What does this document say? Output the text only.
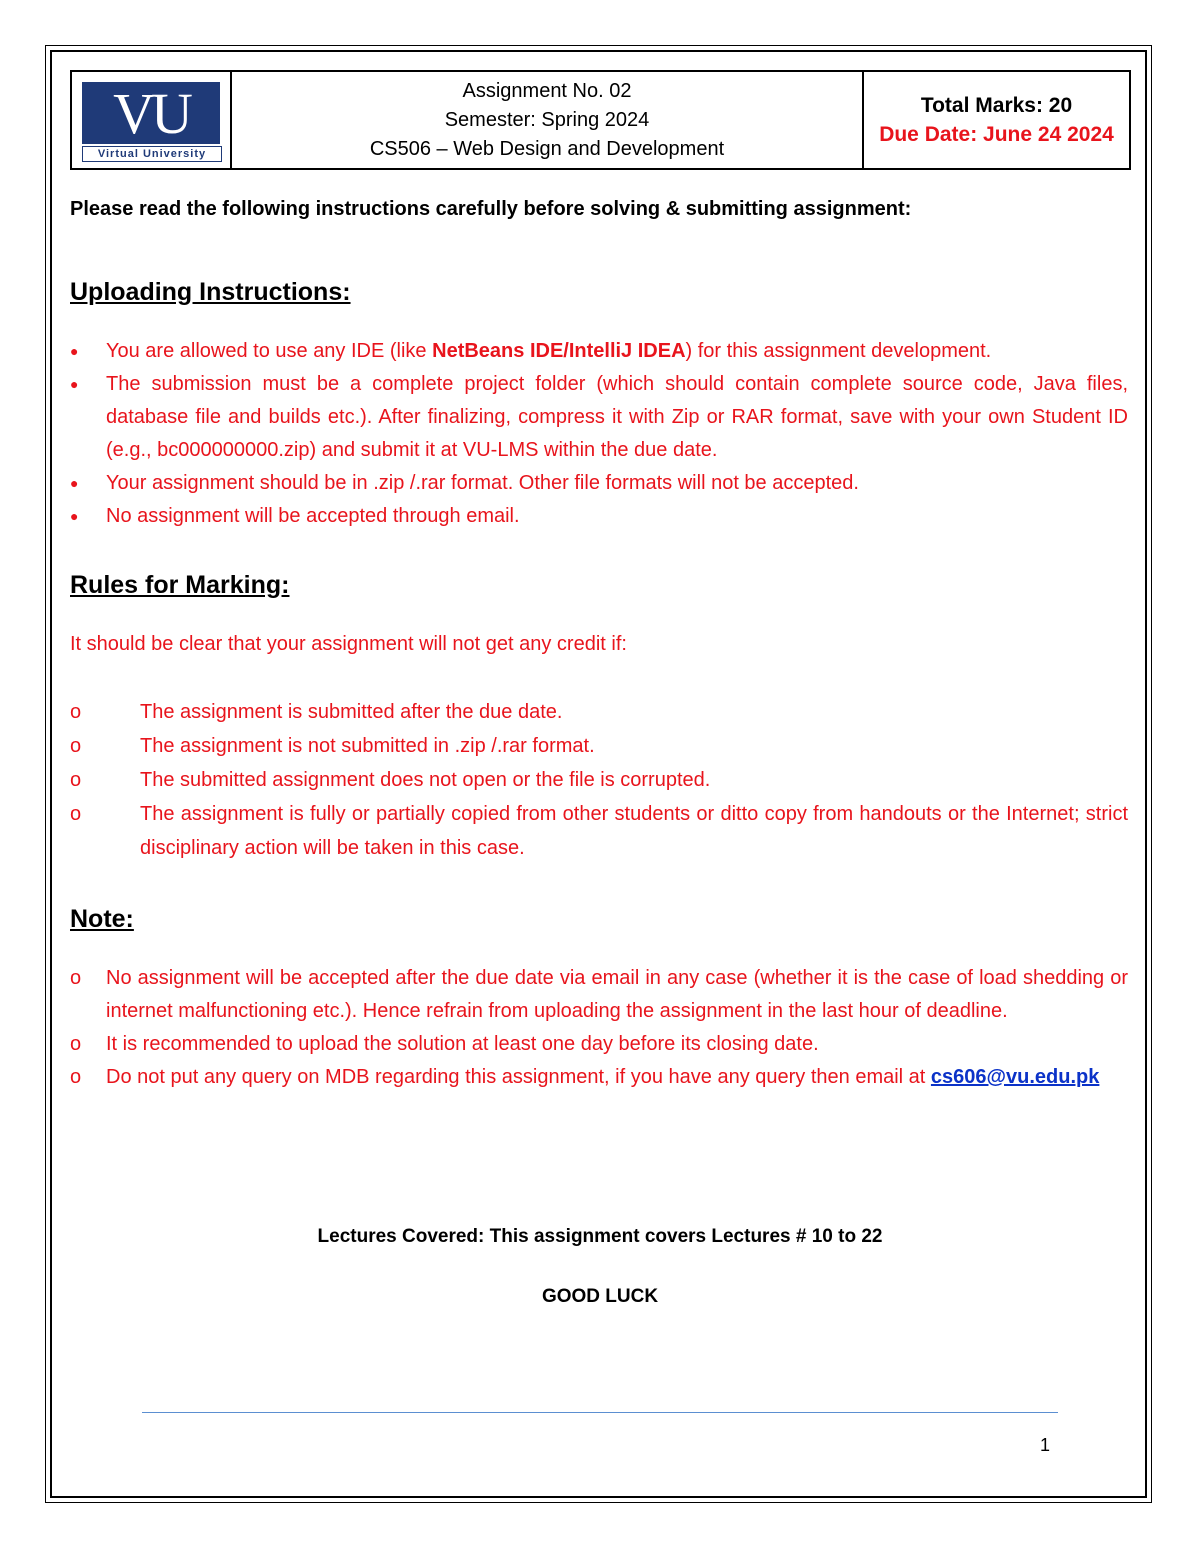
VU
Virtual University
Assignment No. 02
Semester: Spring 2024
CS506 – Web Design and Development
Total Marks: 20
Due Date: June 24 2024
Please read the following instructions carefully before solving & submitting assignment:
Uploading Instructions:
● You are allowed to use any IDE (like NetBeans IDE/IntelliJ IDEA) for this assignment development.
● The submission must be a complete project folder (which should contain complete source code, Java files, database file and builds etc.). After finalizing, compress it with Zip or RAR format, save with your own Student ID (e.g., bc000000000.zip) and submit it at VU-LMS within the due date.
● Your assignment should be in .zip /.rar format. Other file formats will not be accepted.
● No assignment will be accepted through email.
Rules for Marking:
It should be clear that your assignment will not get any credit if:
o	The assignment is submitted after the due date.
o	The assignment is not submitted in .zip /.rar format.
o	The submitted assignment does not open or the file is corrupted.
o	The assignment is fully or partially copied from other students or ditto copy from handouts or the Internet; strict disciplinary action will be taken in this case.
Note:
o No assignment will be accepted after the due date via email in any case (whether it is the case of load shedding or internet malfunctioning etc.). Hence refrain from uploading the assignment in the last hour of deadline.
o It is recommended to upload the solution at least one day before its closing date.
o Do not put any query on MDB regarding this assignment, if you have any query then email at cs606@vu.edu.pk
Lectures Covered: This assignment covers Lectures # 10 to 22
GOOD LUCK
1
